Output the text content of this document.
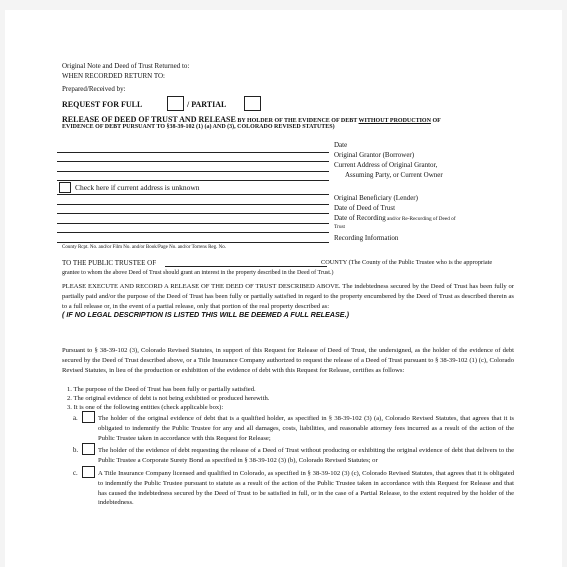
Original Note and Deed of Trust Returned to:
WHEN RECORDED RETURN TO:
Prepared/Received by:
REQUEST FOR FULL	/ PARTIAL
RELEASE OF DEED OF TRUST AND RELEASE BY HOLDER OF THE EVIDENCE OF DEBT WITHOUT PRODUCTION OF
EVIDENCE OF DEBT PURSUANT TO §38-39-102 (1) (a) AND (3), COLORADO REVISED STATUTES)
Check here if current address is unknown
Date
Original Grantor (Borrower)
Current Address of Original Grantor,
Assuming Party, or Current Owner
Original Beneficiary (Lender)
Date of Deed of Trust
Date of Recording and/or Re-Recording of Deed of
Trust
Recording Information
County Rcpt. No. and/or Film No. and/or Book/Page No. and/or Torrens Reg. No.
TO THE PUBLIC TRUSTEE OF	COUNTY (The County of the Public Trustee who is the appropriate
grantee to whom the above Deed of Trust should grant an interest in the property described in the Deed of Trust.)
PLEASE EXECUTE AND RECORD A RELEASE OF THE DEED OF TRUST DESCRIBED ABOVE. The indebtedness secured by the Deed of Trust has been fully or partially paid and/or the purpose of the Deed of Trust has been fully or partially satisfied in regard to the property encumbered by the Deed of Trust as described therein as to a full release or, in the event of a partial release, only that portion of the real property described as:
( IF NO LEGAL DESCRIPTION IS LISTED THIS WILL BE DEEMED A FULL RELEASE.)
Pursuant to § 38-39-102 (3), Colorado Revised Statutes, in support of this Request for Release of Deed of Trust, the undersigned, as the holder of the evidence of debt secured by the Deed of Trust described above, or a Title Insurance Company authorized to request the release of a Deed of Trust pursuant to § 38-39-102 (1) (c), Colorado Revised Statutes, in lieu of the production or exhibition of the evidence of debt with this Request for Release, certifies as follows:
1. The purpose of the Deed of Trust has been fully or partially satisfied.
2. The original evidence of debt is not being exhibited or produced herewith.
3. It is one of the following entities (check applicable box):
a.	The holder of the original evidence of debt that is a qualified holder, as specified in § 38-39-102 (3) (a), Colorado Revised Statutes, that agrees that it is obligated to indemnify the Public Trustee for any and all damages, costs, liabilities, and reasonable attorney fees incurred as a result of the action of the Public Trustee taken in accordance with this Request for Release;
b.	The holder of the evidence of debt requesting the release of a Deed of Trust without producing or exhibiting the original evidence of debt that delivers to the Public Trustee a Corporate Surety Bond as specified in § 38-39-102 (3) (b), Colorado Revised Statutes; or
c.	A Title Insurance Company licensed and qualified in Colorado, as specified in § 38-39-102 (3) (c), Colorado Revised Statutes, that agrees that it is obligated to indemnify the Public Trustee pursuant to statute as a result of the action of the Public Trustee taken in accordance with this Request for Release and that has caused the indebtedness secured by the Deed of Trust to be satisfied in full, or in the case of a Partial Release, to the extent required by the holder of the indebtedness.
